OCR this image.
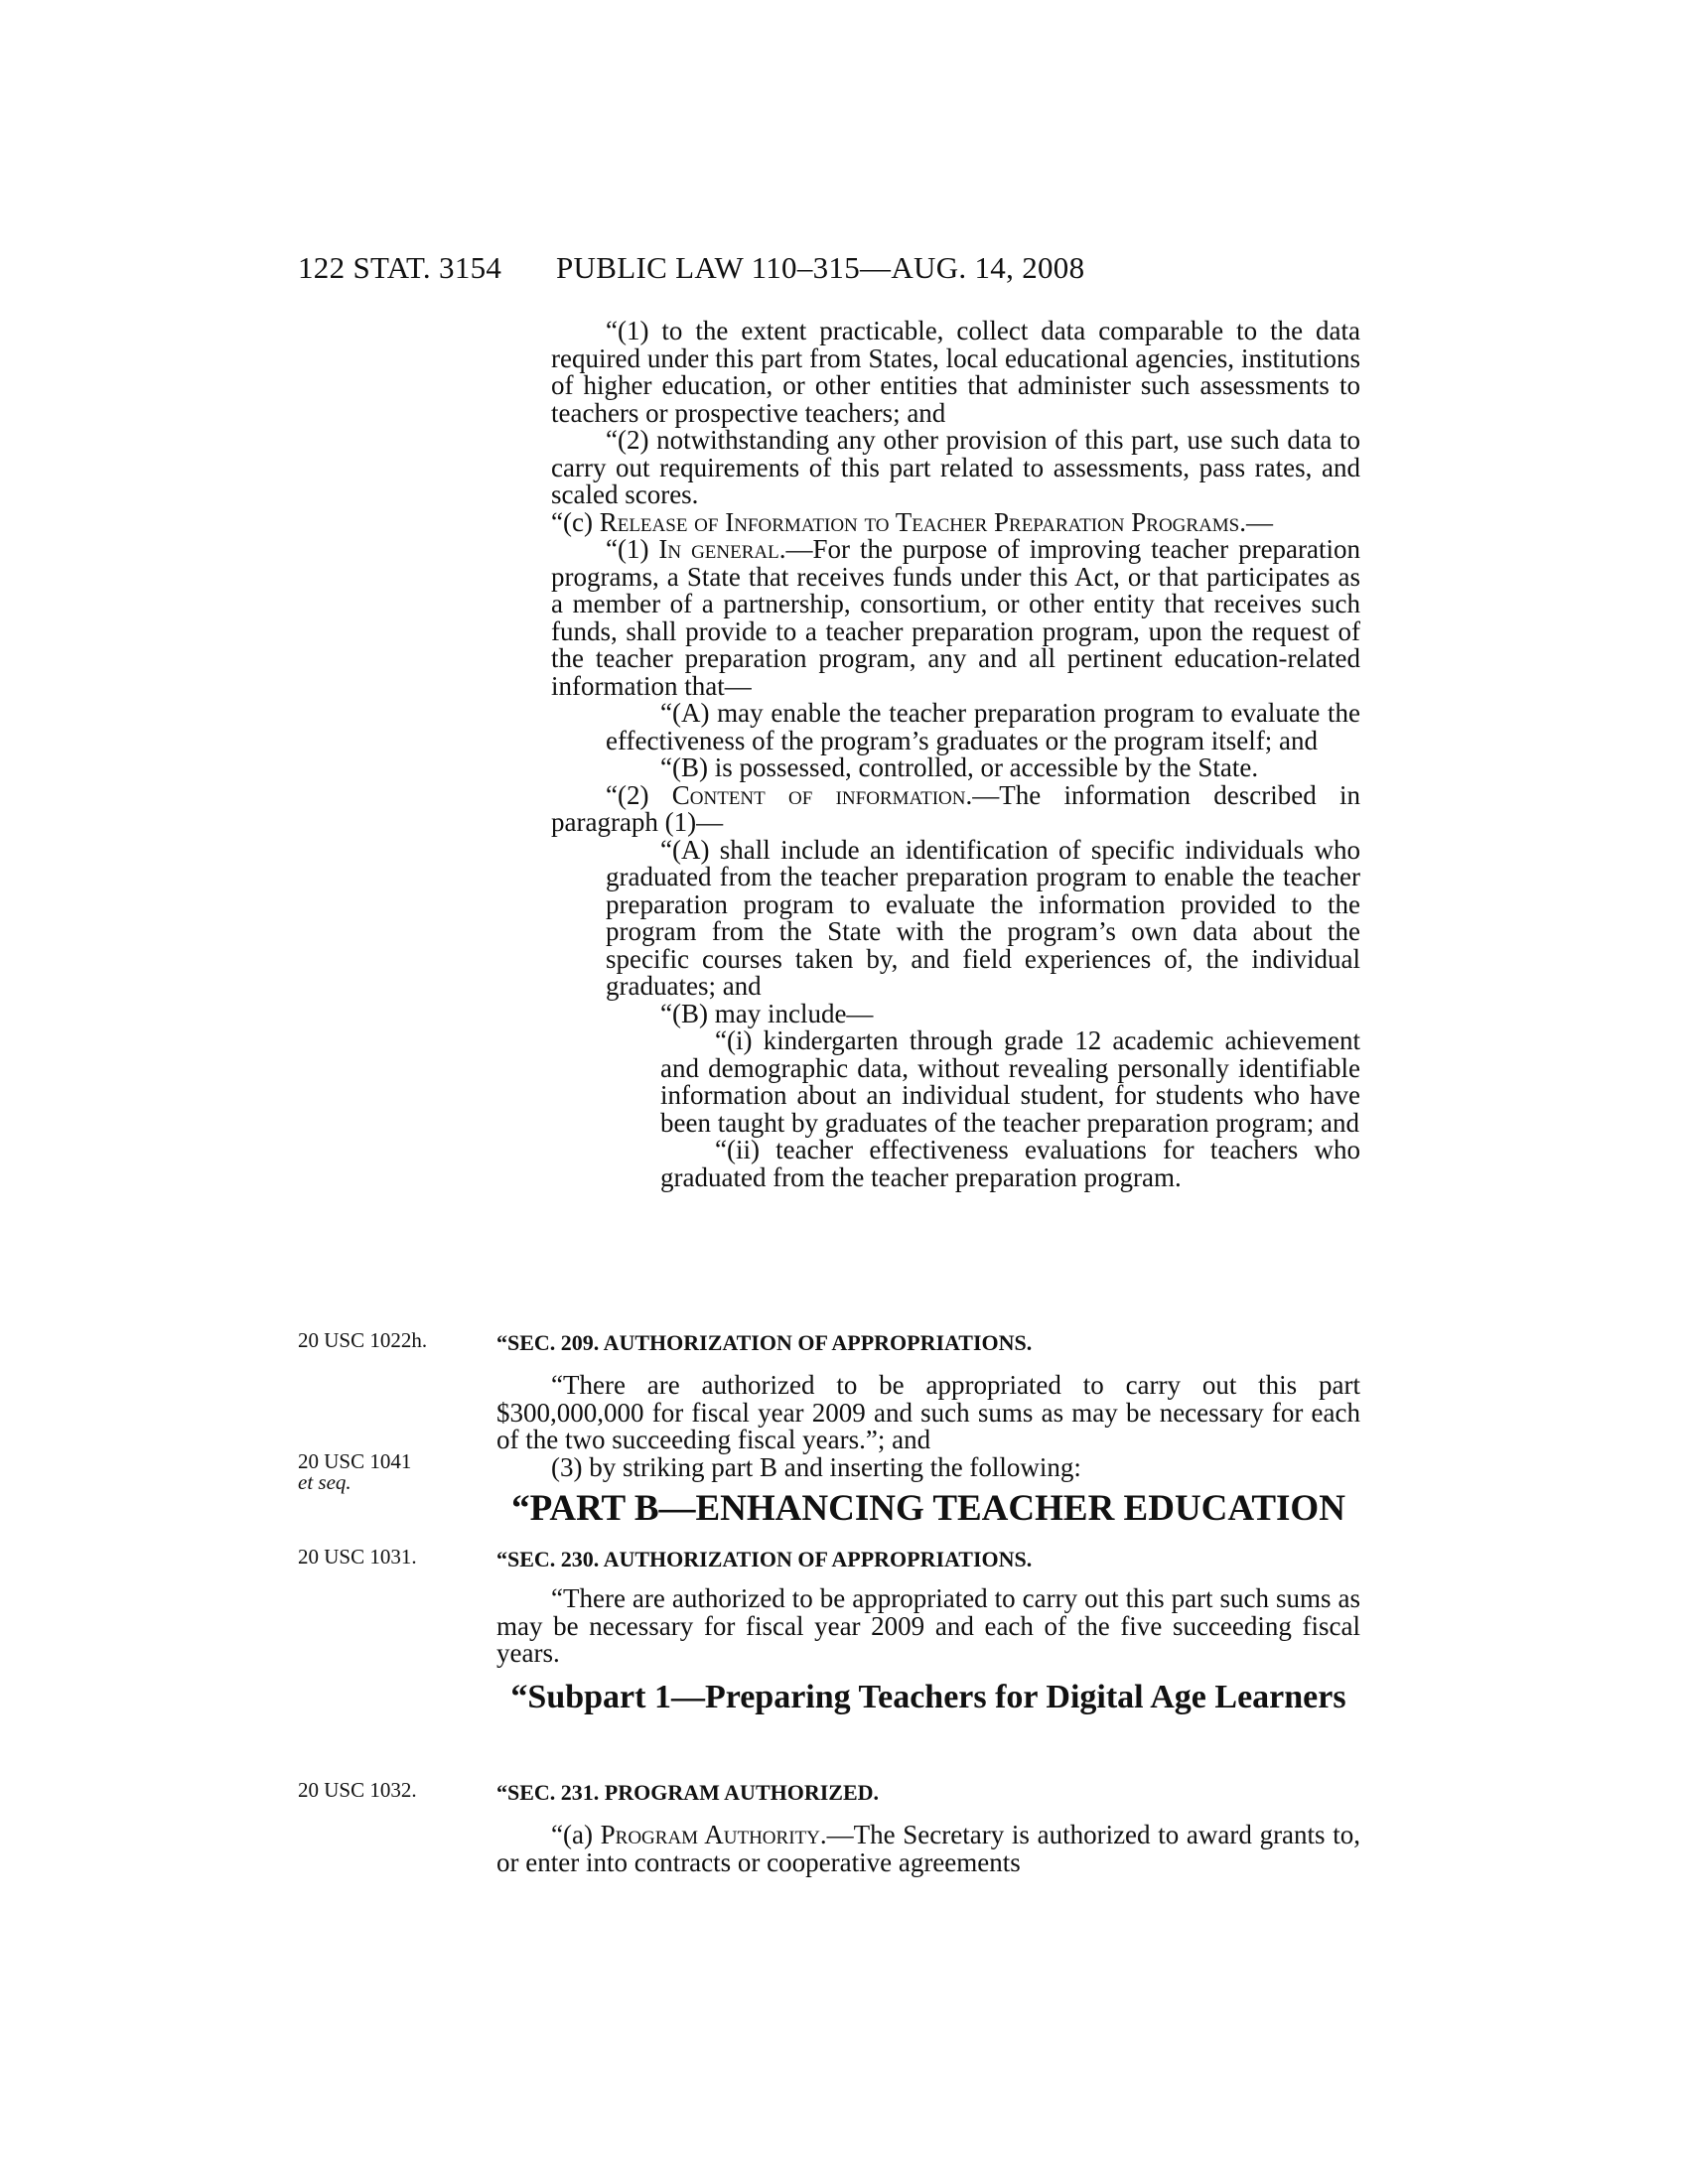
122 STAT. 3154 PUBLIC LAW 110–315—AUG. 14, 2008
20 USC 1022h.
20 USC 1041
et seq.
20 USC 1031.
20 USC 1032.

“(1) to the extent practicable, collect data comparable to the data required under this part from States, local educational agencies, institutions of higher education, or other entities that administer such assessments to teachers or prospective teachers; and

“(2) notwithstanding any other provision of this part, use such data to carry out requirements of this part related to assessments, pass rates, and scaled scores.

“(c) Release of Information to Teacher Preparation Programs.—

“(1) In general.—For the purpose of improving teacher preparation programs, a State that receives funds under this Act, or that participates as a member of a partnership, consortium, or other entity that receives such funds, shall provide to a teacher preparation program, upon the request of the teacher preparation program, any and all pertinent education-related information that—

“(A) may enable the teacher preparation program to evaluate the effectiveness of the program’s graduates or the program itself; and

“(B) is possessed, controlled, or accessible by the State.

“(2) Content of information.—The information described in paragraph (1)—

“(A) shall include an identification of specific individuals who graduated from the teacher preparation program to enable the teacher preparation program to evaluate the information provided to the program from the State with the program’s own data about the specific courses taken by, and field experiences of, the individual graduates; and

“(B) may include—

“(i) kindergarten through grade 12 academic achievement and demographic data, without revealing personally identifiable information about an individual student, for students who have been taught by graduates of the teacher preparation program; and

“(ii) teacher effectiveness evaluations for teachers who graduated from the teacher preparation program.

“SEC. 209. AUTHORIZATION OF APPROPRIATIONS.

“There are authorized to be appropriated to carry out this part $300,000,000 for fiscal year 2009 and such sums as may be necessary for each of the two succeeding fiscal years.”; and

(3) by striking part B and inserting the following:

“PART B—ENHANCING TEACHER EDUCATION

“SEC. 230. AUTHORIZATION OF APPROPRIATIONS.

“There are authorized to be appropriated to carry out this part such sums as may be necessary for fiscal year 2009 and each of the five succeeding fiscal years.

“Subpart 1—Preparing Teachers for Digital Age Learners

“SEC. 231. PROGRAM AUTHORIZED.

“(a) Program Authority.—The Secretary is authorized to award grants to, or enter into contracts or cooperative agreements
